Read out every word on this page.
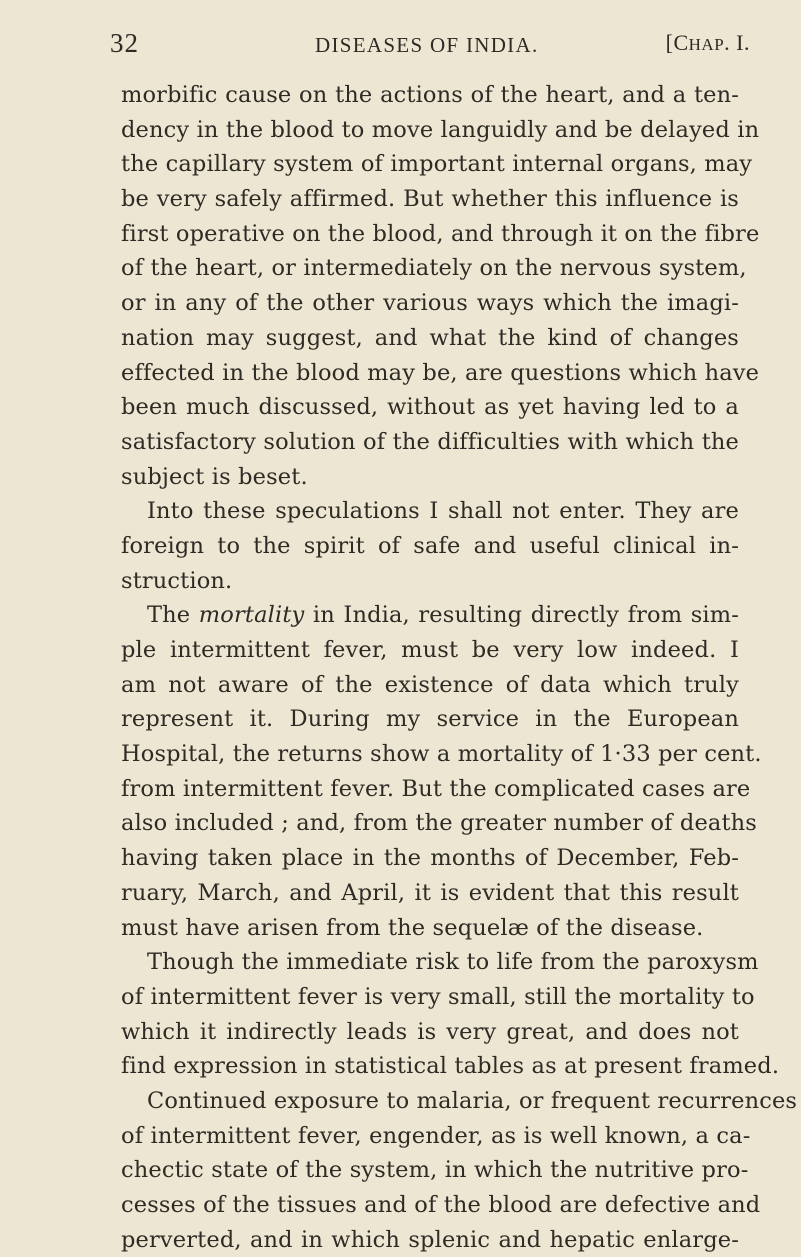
32	DISEASES OF INDIA.	[CHAP. I.
morbific cause on the actions of the heart, and a ten-
dency in the blood to move languidly and be delayed in
the capillary system of important internal organs, may
be very safely affirmed. But whether this influence is
first operative on the blood, and through it on the fibre
of the heart, or intermediately on the nervous system,
or in any of the other various ways which the imagi-
nation may suggest, and what the kind of changes
effected in the blood may be, are questions which have
been much discussed, without as yet having led to a
satisfactory solution of the difficulties with which the
subject is beset.
Into these speculations I shall not enter. They are
foreign to the spirit of safe and useful clinical in-
struction.
The mortality in India, resulting directly from sim-
ple intermittent fever, must be very low indeed. I
am not aware of the existence of data which truly
represent it. During my service in the European
Hospital, the returns show a mortality of 1·33 per cent.
from intermittent fever. But the complicated cases are
also included ; and, from the greater number of deaths
having taken place in the months of December, Feb-
ruary, March, and April, it is evident that this result
must have arisen from the sequelæ of the disease.
Though the immediate risk to life from the paroxysm
of intermittent fever is very small, still the mortality to
which it indirectly leads is very great, and does not
find expression in statistical tables as at present framed.
Continued exposure to malaria, or frequent recurrences
of intermittent fever, engender, as is well known, a ca-
chectic state of the system, in which the nutritive pro-
cesses of the tissues and of the blood are defective and
perverted, and in which splenic and hepatic enlarge-
